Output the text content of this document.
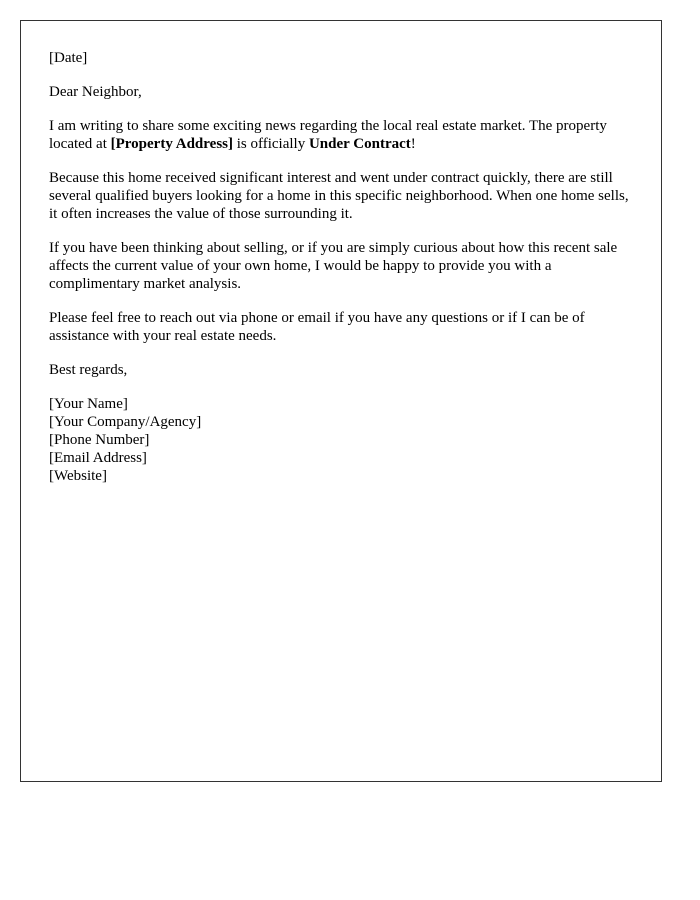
[Date]

Dear Neighbor,

I am writing to share some exciting news regarding the local real estate market. The property located at [Property Address] is officially Under Contract!

Because this home received significant interest and went under contract quickly, there are still several qualified buyers looking for a home in this specific neighborhood. When one home sells, it often increases the value of those surrounding it.

If you have been thinking about selling, or if you are simply curious about how this recent sale affects the current value of your own home, I would be happy to provide you with a complimentary market analysis.

Please feel free to reach out via phone or email if you have any questions or if I can be of assistance with your real estate needs.

Best regards,

[Your Name]

[Your Company/Agency]

[Phone Number]

[Email Address]

[Website]
